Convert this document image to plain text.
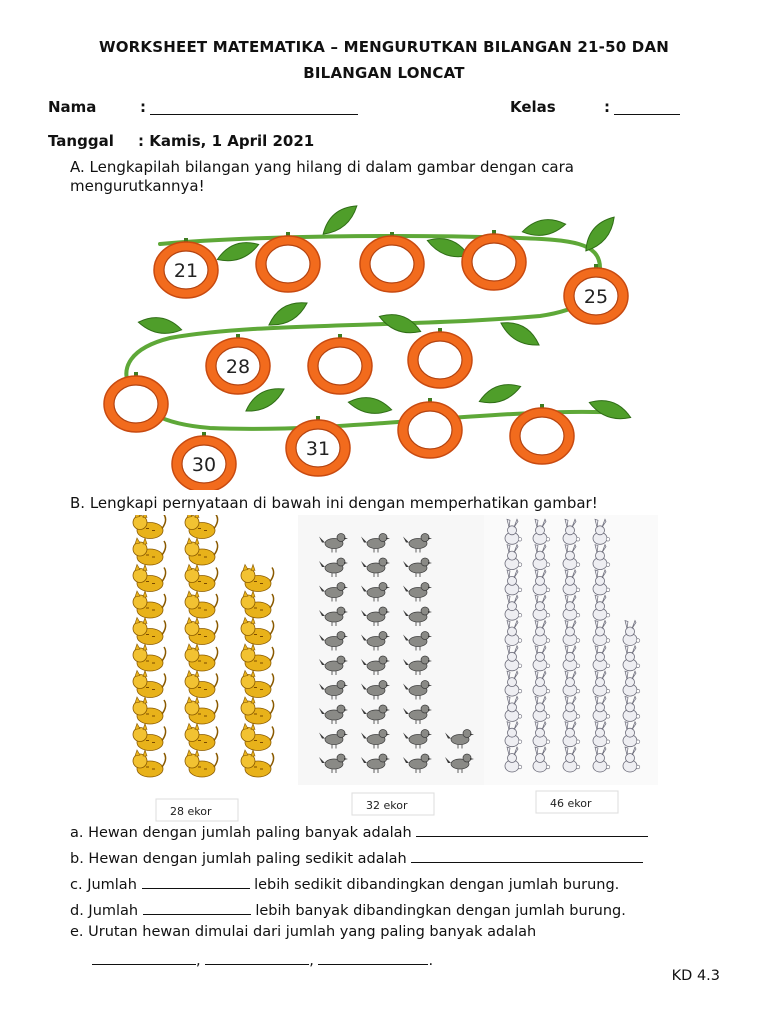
WORKSHEET MATEMATIKA – MENGURUTKAN BILANGAN 21-50 DAN
BILANGAN LONCAT
Nama	:	Kelas	:
Tanggal : Kamis, 1 April 2021
A. Lengkapilah bilangan yang hilang di dalam gambar dengan cara mengurutkannya!
21
25
28
30
31
B. Lengkapi pernyataan di bawah ini dengan memperhatikan gambar!
28 ekor	32 ekor	46 ekor
a. Hewan dengan jumlah paling banyak adalah
b. Hewan dengan jumlah paling sedikit adalah
c. Jumlah	lebih sedikit dibandingkan dengan jumlah burung.
d. Jumlah	lebih banyak dibandingkan dengan jumlah burung.
e. Urutan hewan dimulai dari jumlah yang paling banyak adalah
,	,	.
KD 4.3
